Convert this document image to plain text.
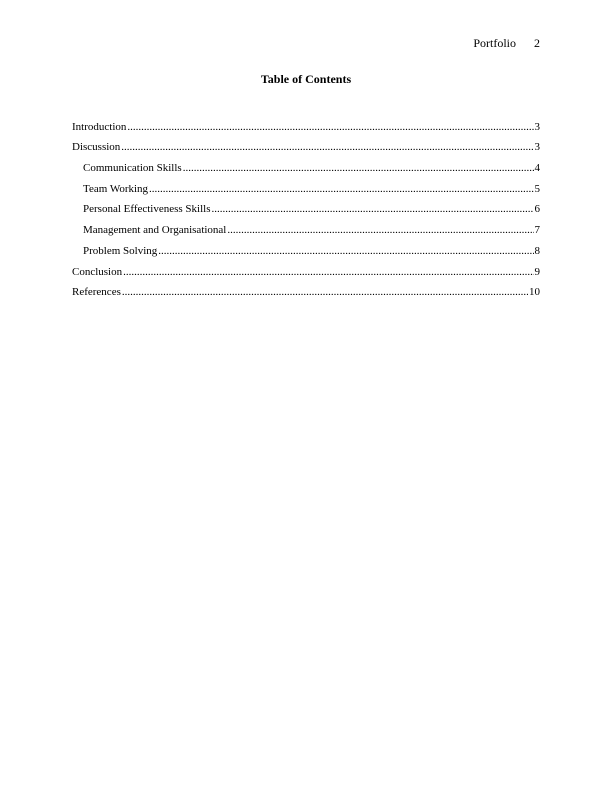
Portfolio 2
Table of Contents
Introduction .....	3
Discussion .....	3
Communication Skills .....	4
Team Working .....	5
Personal Effectiveness Skills .....	6
Management and Organisational .....	7
Problem Solving .....	8
Conclusion .....	9
References .....	10
